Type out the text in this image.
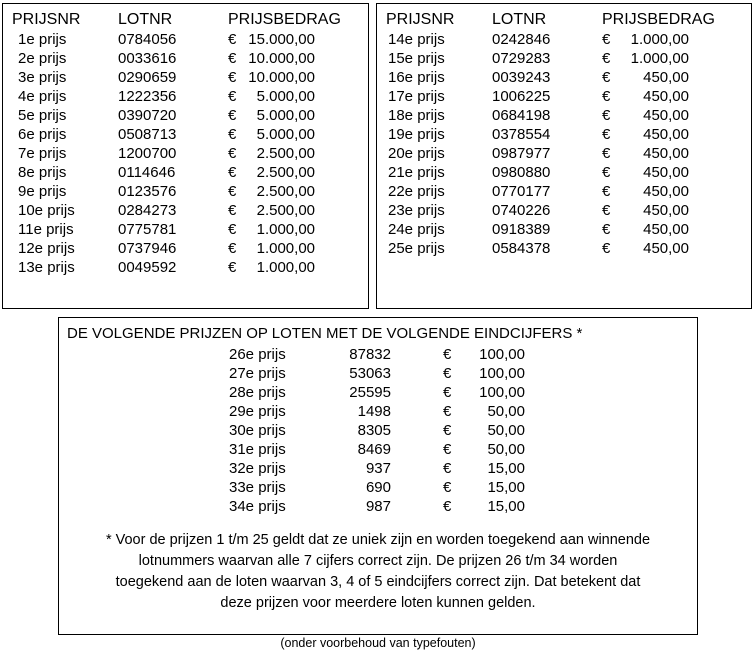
PRIJSNR LOTNR	PRIJSBEDRAG
1e prijs
2e prijs
3e prijs
4e prijs
5e prijs
6e prijs
7e prijs
8e prijs
9e prijs
10e prijs
11e prijs
12e prijs
13e prijs
0784056
0033616
0290659
1222356
0390720
0508713
1200700
0114646
0123576
0284273
0775781
0737946
0049592
€ 15.000,00
€ 10.000,00
€ 10.000,00
€ 5.000,00
€ 5.000,00
€ 5.000,00
€ 2.500,00
€ 2.500,00
€ 2.500,00
€ 2.500,00
€ 1.000,00
€ 1.000,00
€ 1.000,00
PRIJSNR LOTNR	PRIJSBEDRAG
14e prijs
15e prijs
16e prijs
17e prijs
18e prijs
19e prijs
20e prijs
21e prijs
22e prijs
23e prijs
24e prijs
25e prijs
0242846
0729283
0039243
1006225
0684198
0378554
0987977
0980880
0770177
0740226
0918389
0584378
€ 1.000,00
€ 1.000,00
€ 450,00
€ 450,00
€ 450,00
€ 450,00
€ 450,00
€ 450,00
€ 450,00
€ 450,00
€ 450,00
€ 450,00
DE VOLGENDE PRIJZEN OP LOTEN MET DE VOLGENDE EINDCIJFERS *
26e prijs
27e prijs
28e prijs
29e prijs
30e prijs
31e prijs
32e prijs
33e prijs
34e prijs
87832
53063
25595
1498
8305
8469
937
690
987
€ 100,00
€ 100,00
€ 100,00
€ 50,00
€ 50,00
€ 50,00
€ 15,00
€ 15,00
€ 15,00
* Voor de prijzen 1 t/m 25 geldt dat ze uniek zijn en worden toegekend aan winnende
lotnummers waarvan alle 7 cijfers correct zijn. De prijzen 26 t/m 34 worden
toegekend aan de loten waarvan 3, 4 of 5 eindcijfers correct zijn. Dat betekent dat
deze prijzen voor meerdere loten kunnen gelden.
(onder voorbehoud van typefouten)
